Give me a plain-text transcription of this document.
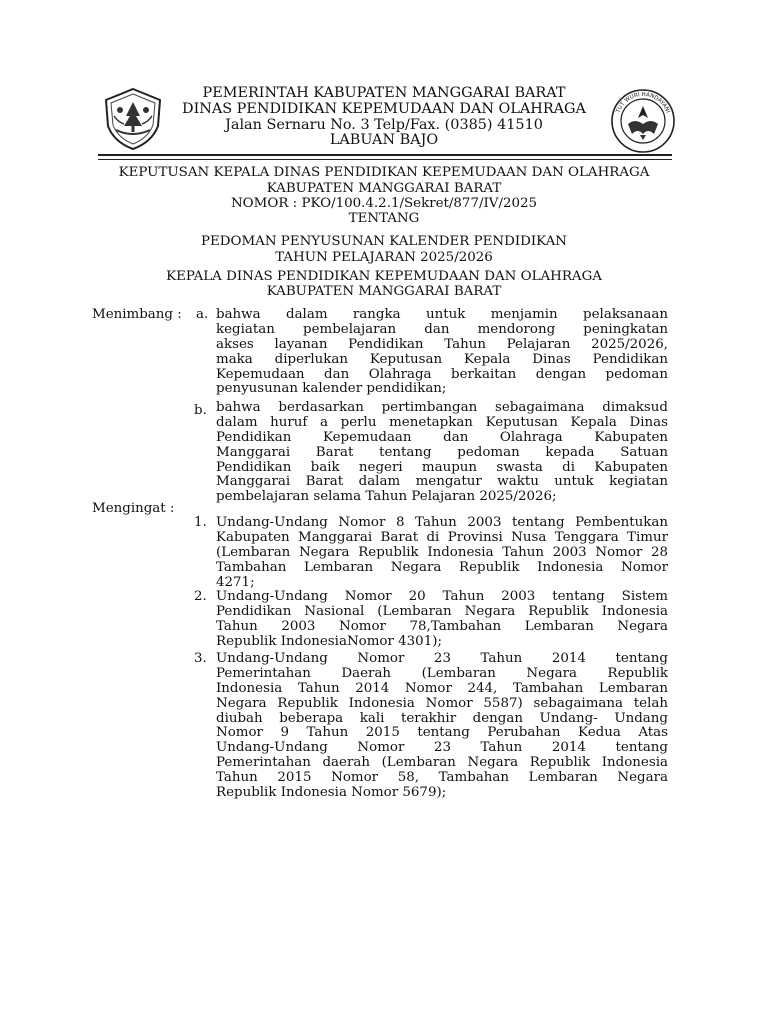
TUT WURI HANDAYANI
PEMERINTAH KABUPATEN MANGGARAI BARAT
DINAS PENDIDIKAN KEPEMUDAAN DAN OLAHRAGA
Jalan Sernaru No. 3 Telp/Fax. (0385) 41510
LABUAN BAJO
KEPUTUSAN KEPALA DINAS PENDIDIKAN KEPEMUDAAN DAN OLAHRAGA
KABUPATEN MANGGARAI BARAT
NOMOR : PKO/100.4.2.1/Sekret/877/IV/2025
TENTANG
PEDOMAN PENYUSUNAN KALENDER PENDIDIKAN
TAHUN PELAJARAN 2025/2026
KEPALA DINAS PENDIDIKAN KEPEMUDAAN DAN OLAHRAGA
KABUPATEN MANGGARAI BARAT
Menimbang : a. bahwa dalam rangka untuk menjamin pelaksanaan
kegiatan pembelajaran dan mendorong peningkatan
akses layanan Pendidikan Tahun Pelajaran 2025/2026,
maka diperlukan Keputusan Kepala Dinas Pendidikan
Kepemudaan dan Olahraga berkaitan dengan pedoman
penyusunan kalender pendidikan;
b. bahwa berdasarkan pertimbangan sebagaimana dimaksud
dalam huruf a perlu menetapkan Keputusan Kepala Dinas
Pendidikan Kepemudaan dan Olahraga Kabupaten
Manggarai Barat tentang pedoman kepada Satuan
Pendidikan baik negeri maupun swasta di Kabupaten
Manggarai Barat dalam mengatur waktu untuk kegiatan
pembelajaran selama Tahun Pelajaran 2025/2026;
Mengingat :
1. Undang-Undang Nomor 8 Tahun 2003 tentang Pembentukan
Kabupaten Manggarai Barat di Provinsi Nusa Tenggara Timur
(Lembaran Negara Republik Indonesia Tahun 2003 Nomor 28
Tambahan Lembaran Negara Republik Indonesia Nomor
4271;
2. Undang-Undang Nomor 20 Tahun 2003 tentang Sistem
Pendidikan Nasional (Lembaran Negara Republik Indonesia
Tahun 2003 Nomor 78,Tambahan Lembaran Negara
Republik IndonesiaNomor 4301);
3. Undang-Undang Nomor 23 Tahun 2014 tentang
Pemerintahan Daerah (Lembaran Negara Republik
Indonesia Tahun 2014 Nomor 244, Tambahan Lembaran
Negara Republik Indonesia Nomor 5587) sebagaimana telah
diubah beberapa kali terakhir dengan Undang- Undang
Nomor 9 Tahun 2015 tentang Perubahan Kedua Atas
Undang-Undang Nomor 23 Tahun 2014 tentang
Pemerintahan daerah (Lembaran Negara Republik Indonesia
Tahun 2015 Nomor 58, Tambahan Lembaran Negara
Republik Indonesia Nomor 5679);
